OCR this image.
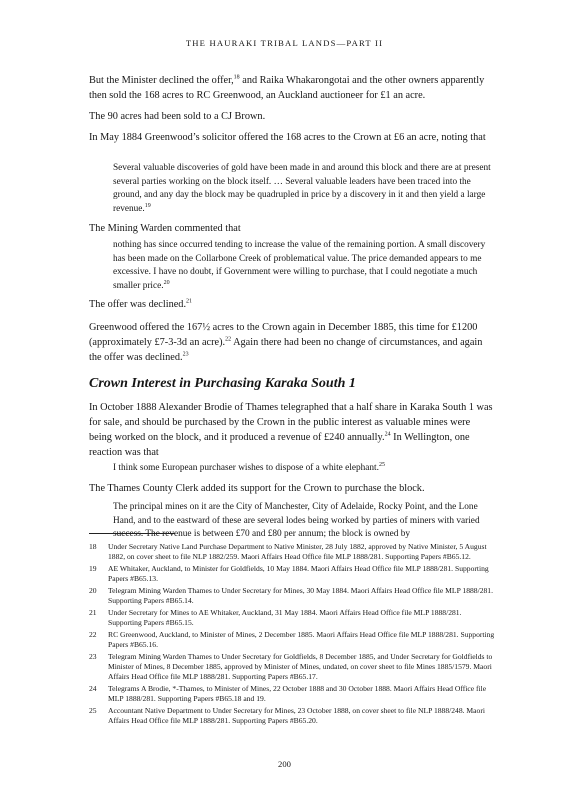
THE HAURAKI TRIBAL LANDS—PART II

But the Minister declined the offer,$^{18}$ and Raika Whakarongotai and the other owners apparently then sold the 168 acres to RC Greenwood, an Auckland auctioneer for £1 an acre.

The 90 acres had been sold to a CJ Brown.

In May 1884 Greenwood’s solicitor offered the 168 acres to the Crown at £6 an acre, noting that

Several valuable discoveries of gold have been made in and around this block and there are at present several parties working on the block itself. … Several valuable leaders have been traced into the ground, and any day the block may be quadrupled in price by a discovery in it and then yield a large revenue.$^{19}$

The Mining Warden commented that

nothing has since occurred tending to increase the value of the remaining portion. A small discovery has been made on the Collarbone Creek of problematical value. The price demanded appears to me excessive. I have no doubt, if Government were willing to purchase, that I could negotiate a much smaller price.$^{20}$

The offer was declined.$^{21}$

Greenwood offered the 167½ acres to the Crown again in December 1885, this time for £1200 (approximately £7-3-3d an acre).$^{22}$ Again there had been no change of circumstances, and again the offer was declined.$^{23}$

Crown Interest in Purchasing Karaka South 1

In October 1888 Alexander Brodie of Thames telegraphed that a half share in Karaka South 1 was for sale, and should be purchased by the Crown in the public interest as valuable mines were being worked on the block, and it produced a revenue of £240 annually.$^{24}$ In Wellington, one reaction was that

I think some European purchaser wishes to dispose of a white elephant.$^{25}$

The Thames County Clerk added its support for the Crown to purchase the block.

The principal mines on it are the City of Manchester, City of Adelaide, Rocky Point, and the Lone Hand, and to the eastward of these are several lodes being worked by parties of miners with varied success. The revenue is between £70 and £80 per annum; the block is owned by

18	Under Secretary Native Land Purchase Department to Native Minister, 28 July 1882, approved by Native Minister, 5 August 1882, on cover sheet to file NLP 1882/259. Maori Affairs Head Office file MLP 1888/281. Supporting Papers #B65.12.
19	AE Whitaker, Auckland, to Minister for Goldfields, 10 May 1884. Maori Affairs Head Office file MLP 1888/281. Supporting Papers #B65.13.
20	Telegram Mining Warden Thames to Under Secretary for Mines, 30 May 1884. Maori Affairs Head Office file MLP 1888/281. Supporting Papers #B65.14.
21	Under Secretary for Mines to AE Whitaker, Auckland, 31 May 1884. Maori Affairs Head Office file MLP 1888/281. Supporting Papers #B65.15.
22	RC Greenwood, Auckland, to Minister of Mines, 2 December 1885. Maori Affairs Head Office file MLP 1888/281. Supporting Papers #B65.16.
23	Telegram Mining Warden Thames to Under Secretary for Goldfields, 8 December 1885, and Under Secretary for Goldfields to Minister of Mines, 8 December 1885, approved by Minister of Mines, undated, on cover sheet to file Mines 1885/1579. Maori Affairs Head Office file MLP 1888/281. Supporting Papers #B65.17.
24	Telegrams A Brodie, *-Thames, to Minister of Mines, 22 October 1888 and 30 October 1888. Maori Affairs Head Office file MLP 1888/281. Supporting Papers #B65.18 and 19.
25	Accountant Native Department to Under Secretary for Mines, 23 October 1888, on cover sheet to file NLP 1888/248. Maori Affairs Head Office file MLP 1888/281. Supporting Papers #B65.20.
200
